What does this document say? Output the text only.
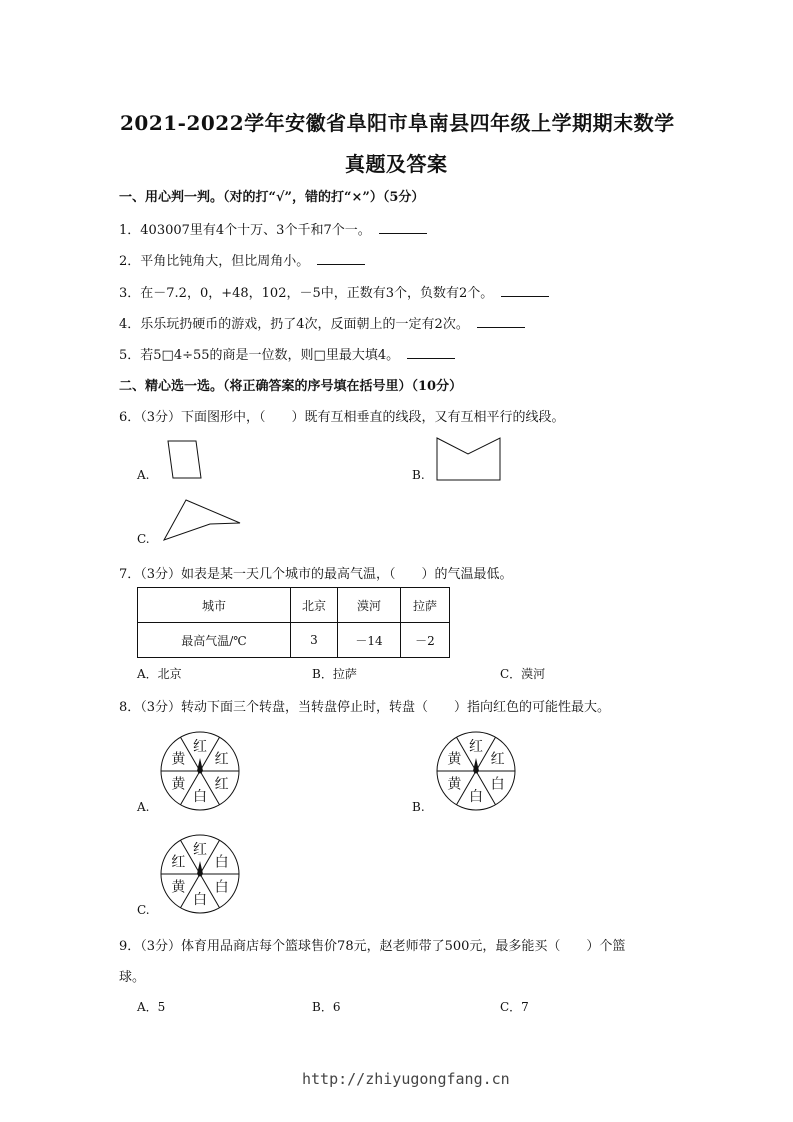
2021-2022学年安徽省阜阳市阜南县四年级上学期期末数学
真题及答案
一、用心判一判。（对的打“√”，错的打“×”）（5分）
1．403007里有4个十万、3个千和7个一。
2．平角比钝角大，但比周角小。
3．在－7.2，0，+48，102，－5中，正数有3个，负数有2个。
4．乐乐玩扔硬币的游戏，扔了4次，反面朝上的一定有2次。
5．若5□4÷55的商是一位数，则□里最大填4。
二、精心选一选。（将正确答案的序号填在括号里）（10分）
6．（3分）下面图形中，（　　）既有互相垂直的线段，又有互相平行的线段。
A.	B.
C.
7．（3分）如表是某一天几个城市的最高气温，（　　）的气温最低。
城市	北京	漠河	拉萨
最高气温/℃	3	－14	－2
A．北京	B．拉萨	C．漠河
8．（3分）转动下面三个转盘，当转盘停止时，转盘（　　）指向红色的可能性最大。
A.
红
红
红
白
黄
黄
B.
红
红
白
白
黄
黄
C.
红
白
白
白
黄
红
9．（3分）体育用品商店每个篮球售价78元，赵老师带了500元，最多能买（　　）个篮
球。
A．5	B．6	C．7
http://zhiyugongfang.cn
